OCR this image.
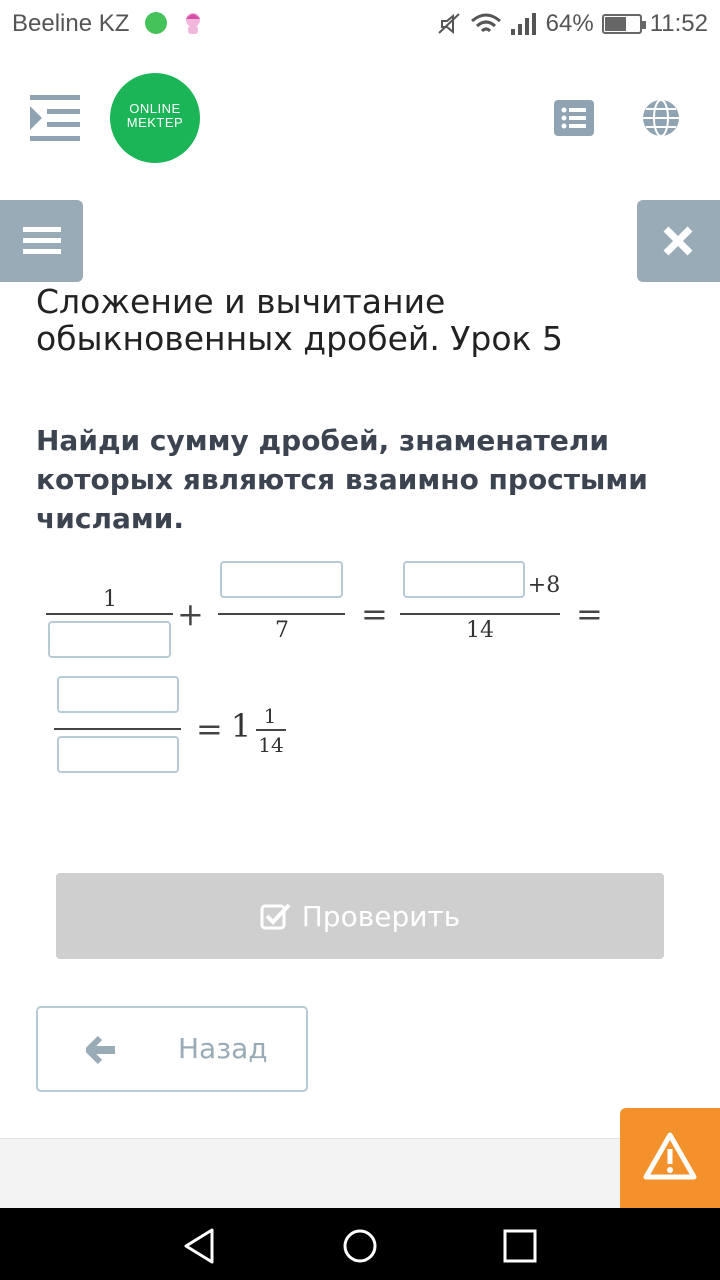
Beeline KZ	64% 11:52
ONLINE
MEKTEP
Сложение и вычитание обыкновенных дробей. Урок 5

Найди сумму дробей, знаменатели которых являются взаимно простыми числами.

1	+	7	=
+8
14	=
= 1 1
14
Проверить
Назад
